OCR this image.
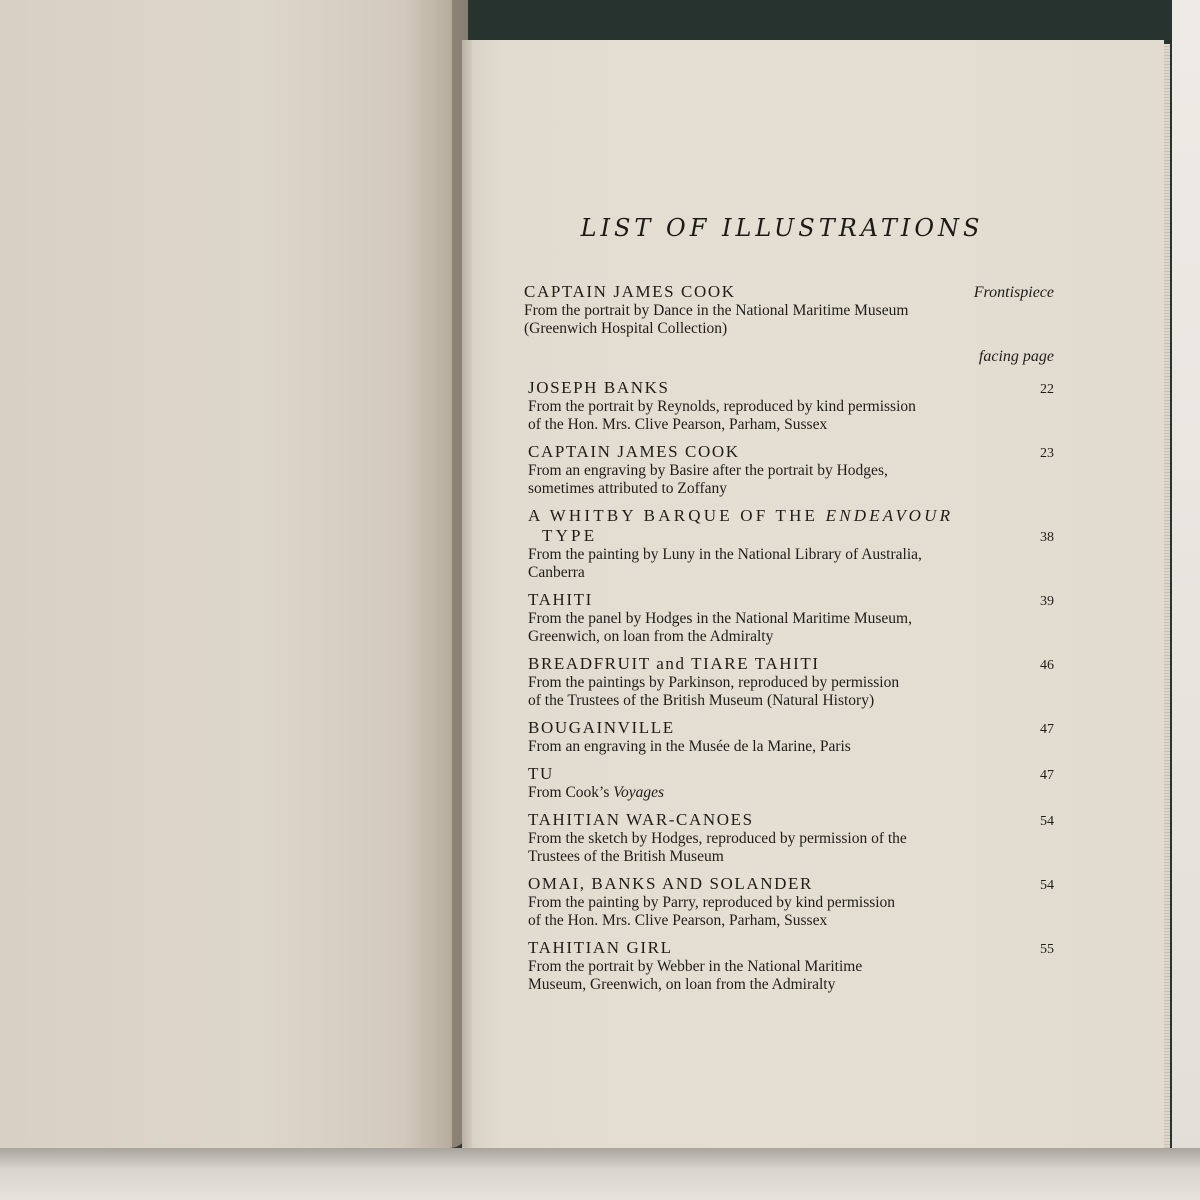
LIST OF ILLUSTRATIONS
CAPTAIN JAMES COOK	Frontispiece
From the portrait by Dance in the National Maritime Museum
(Greenwich Hospital Collection)
facing page
JOSEPH BANKS	22
From the portrait by Reynolds, reproduced by kind permission
of the Hon. Mrs. Clive Pearson, Parham, Sussex
CAPTAIN JAMES COOK	23
From an engraving by Basire after the portrait by Hodges,
sometimes attributed to Zoffany
A WHITBY BARQUE OF THE ENDEAVOUR
TYPE	38
From the painting by Luny in the National Library of Australia,
Canberra
TAHITI	39
From the panel by Hodges in the National Maritime Museum,
Greenwich, on loan from the Admiralty
BREADFRUIT and TIARE TAHITI	46
From the paintings by Parkinson, reproduced by permission
of the Trustees of the British Museum (Natural History)
BOUGAINVILLE	47
From an engraving in the Musée de la Marine, Paris
TU	47
From Cook’s Voyages
TAHITIAN WAR-CANOES	54
From the sketch by Hodges, reproduced by permission of the
Trustees of the British Museum
OMAI, BANKS AND SOLANDER	54
From the painting by Parry, reproduced by kind permission
of the Hon. Mrs. Clive Pearson, Parham, Sussex
TAHITIAN GIRL	55
From the portrait by Webber in the National Maritime
Museum, Greenwich, on loan from the Admiralty
